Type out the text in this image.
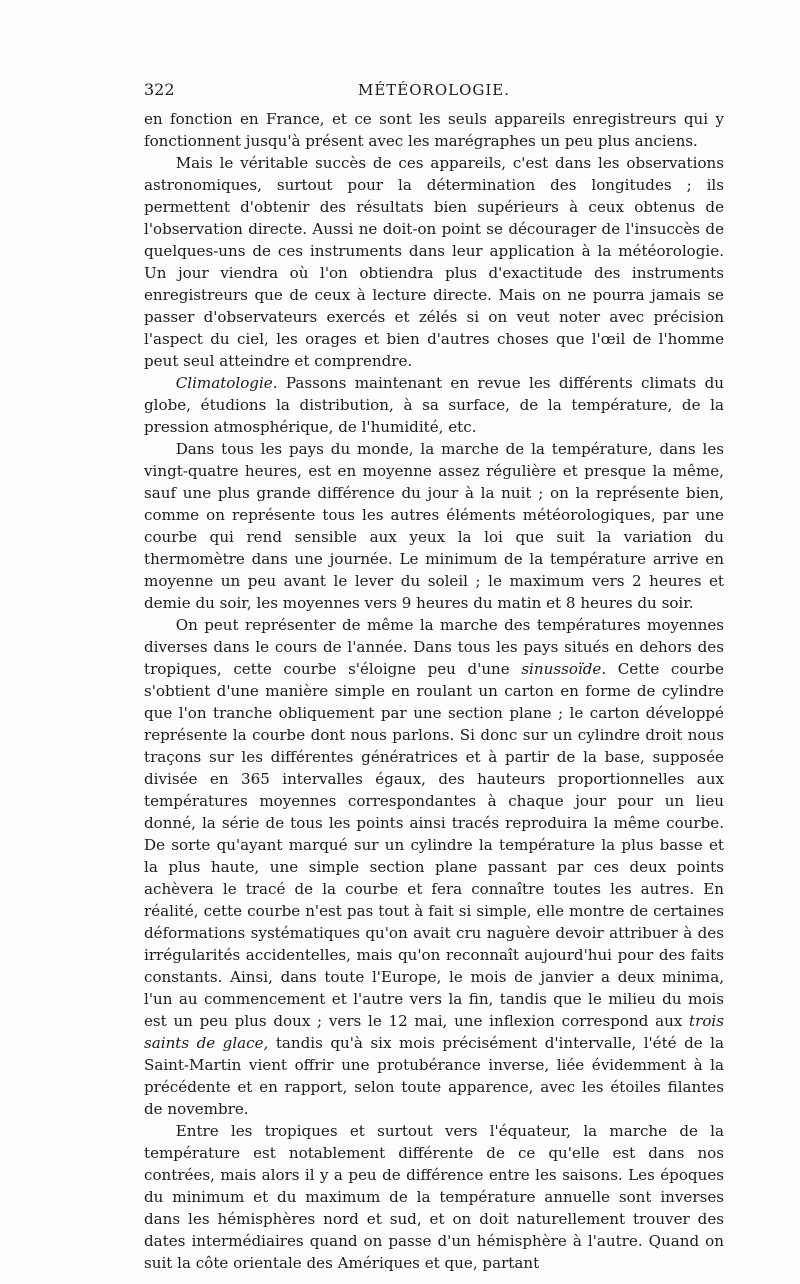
322	MÉTÉOROLOGIE.

en fonction en France, et ce sont les seuls appareils enregistreurs qui y fonctionnent jusqu'à présent avec les marégraphes un peu plus anciens.

Mais le véritable succès de ces appareils, c'est dans les observations astronomiques, surtout pour la détermination des longitudes ; ils permettent d'obtenir des résultats bien supérieurs à ceux obtenus de l'observation directe. Aussi ne doit-on point se décourager de l'insuccès de quelques-uns de ces instruments dans leur application à la météorologie. Un jour viendra où l'on obtiendra plus d'exactitude des instruments enregistreurs que de ceux à lecture directe. Mais on ne pourra jamais se passer d'observateurs exercés et zélés si on veut noter avec précision l'aspect du ciel, les orages et bien d'autres choses que l'œil de l'homme peut seul atteindre et comprendre.

Climatologie. Passons maintenant en revue les différents climats du globe, étudions la distribution, à sa surface, de la température, de la pression atmosphérique, de l'humidité, etc.

Dans tous les pays du monde, la marche de la température, dans les vingt-quatre heures, est en moyenne assez régulière et presque la même, sauf une plus grande différence du jour à la nuit ; on la représente bien, comme on représente tous les autres éléments météorologiques, par une courbe qui rend sensible aux yeux la loi que suit la variation du thermomètre dans une journée. Le minimum de la température arrive en moyenne un peu avant le lever du soleil ; le maximum vers 2 heures et demie du soir, les moyennes vers 9 heures du matin et 8 heures du soir.

On peut représenter de même la marche des températures moyennes diverses dans le cours de l'année. Dans tous les pays situés en dehors des tropiques, cette courbe s'éloigne peu d'une sinussoïde. Cette courbe s'obtient d'une manière simple en roulant un carton en forme de cylindre que l'on tranche obliquement par une section plane ; le carton développé représente la courbe dont nous parlons. Si donc sur un cylindre droit nous traçons sur les différentes génératrices et à partir de la base, supposée divisée en 365 intervalles égaux, des hauteurs proportionnelles aux températures moyennes correspondantes à chaque jour pour un lieu donné, la série de tous les points ainsi tracés reproduira la même courbe. De sorte qu'ayant marqué sur un cylindre la température la plus basse et la plus haute, une simple section plane passant par ces deux points achèvera le tracé de la courbe et fera connaître toutes les autres. En réalité, cette courbe n'est pas tout à fait si simple, elle montre de certaines déformations systématiques qu'on avait cru naguère devoir attribuer à des irrégularités accidentelles, mais qu'on reconnaît aujourd'hui pour des faits constants. Ainsi, dans toute l'Europe, le mois de janvier a deux minima, l'un au commencement et l'autre vers la fin, tandis que le milieu du mois est un peu plus doux ; vers le 12 mai, une inflexion correspond aux trois saints de glace, tandis qu'à six mois précisément d'intervalle, l'été de la Saint-Martin vient offrir une protubérance inverse, liée évidemment à la précédente et en rapport, selon toute apparence, avec les étoiles filantes de novembre.

Entre les tropiques et surtout vers l'équateur, la marche de la température est notablement différente de ce qu'elle est dans nos contrées, mais alors il y a peu de différence entre les saisons. Les époques du minimum et du maximum de la température annuelle sont inverses dans les hémisphères nord et sud, et on doit naturellement trouver des dates intermédiaires quand on passe d'un hémisphère à l'autre. Quand on suit la côte orientale des Amériques et que, partant
